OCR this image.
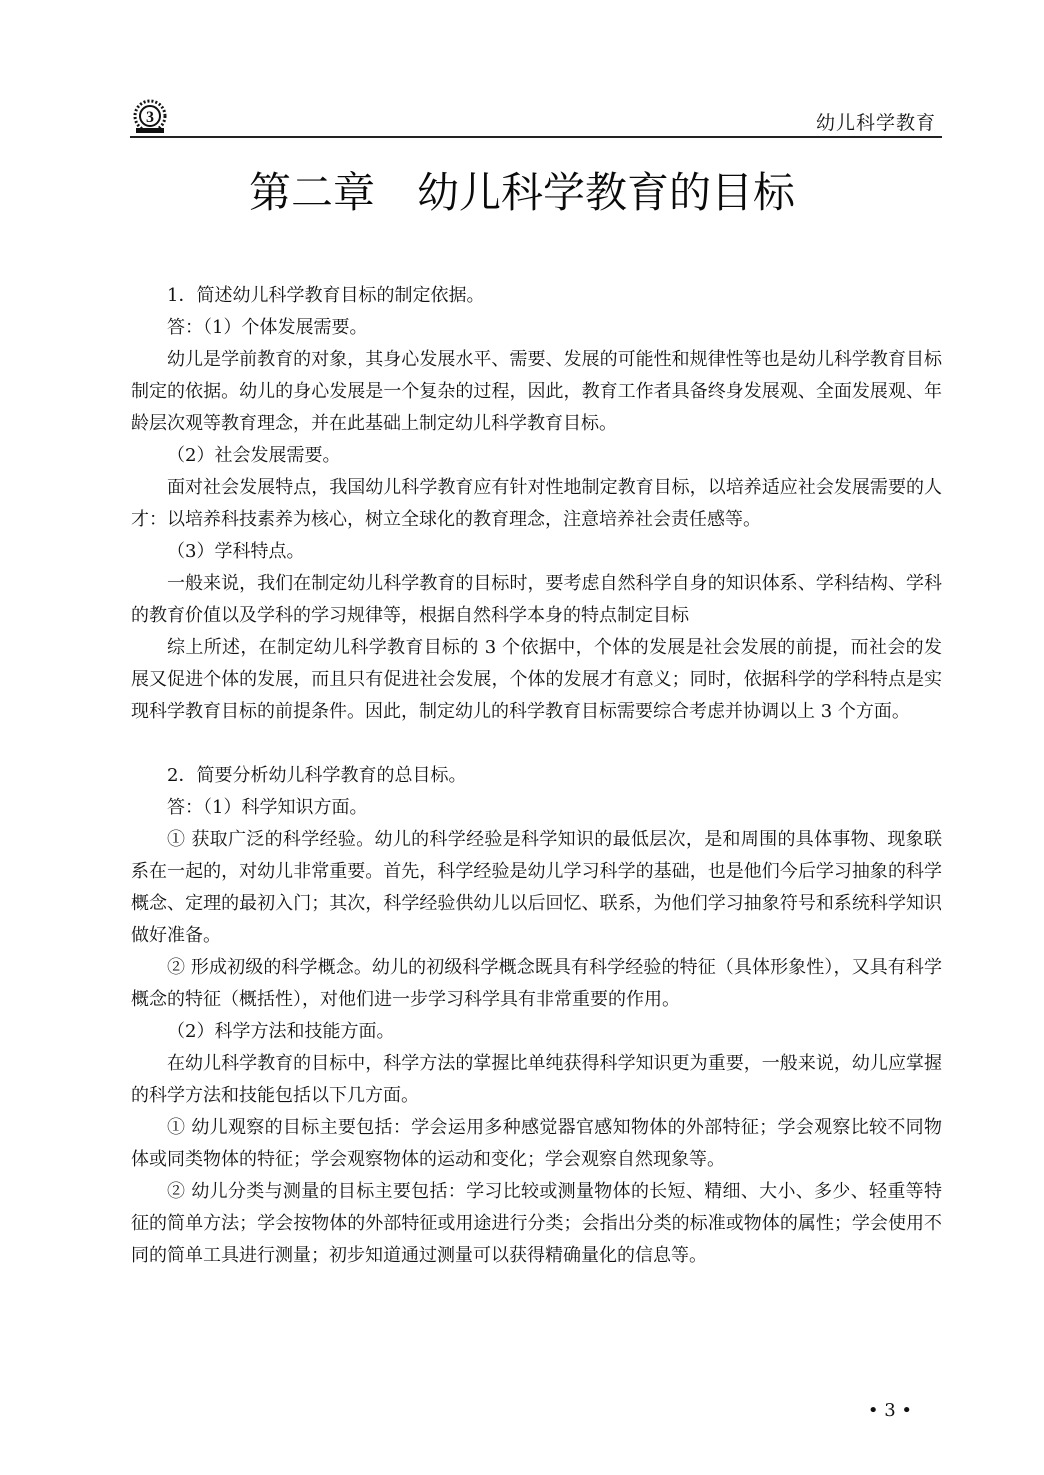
3	幼儿科学教育
第二章　幼儿科学教育的目标

1．简述幼儿科学教育目标的制定依据。

答：（1）个体发展需要。

幼儿是学前教育的对象，其身心发展水平、需要、发展的可能性和规律性等也是幼儿科学教育目标制定的依据。幼儿的身心发展是一个复杂的过程，因此，教育工作者具备终身发展观、全面发展观、年龄层次观等教育理念，并在此基础上制定幼儿科学教育目标。

（2）社会发展需要。

面对社会发展特点，我国幼儿科学教育应有针对性地制定教育目标，以培养适应社会发展需要的人才：以培养科技素养为核心，树立全球化的教育理念，注意培养社会责任感等。

（3）学科特点。

一般来说，我们在制定幼儿科学教育的目标时，要考虑自然科学自身的知识体系、学科结构、学科的教育价值以及学科的学习规律等，根据自然科学本身的特点制定目标

综上所述，在制定幼儿科学教育目标的 3 个依据中，个体的发展是社会发展的前提，而社会的发展又促进个体的发展，而且只有促进社会发展，个体的发展才有意义；同时，依据科学的学科特点是实现科学教育目标的前提条件。因此，制定幼儿的科学教育目标需要综合考虑并协调以上 3 个方面。

2．简要分析幼儿科学教育的总目标。

答：（1）科学知识方面。

① 获取广泛的科学经验。幼儿的科学经验是科学知识的最低层次，是和周围的具体事物、现象联系在一起的，对幼儿非常重要。首先，科学经验是幼儿学习科学的基础，也是他们今后学习抽象的科学概念、定理的最初入门；其次，科学经验供幼儿以后回忆、联系，为他们学习抽象符号和系统科学知识做好准备。

② 形成初级的科学概念。幼儿的初级科学概念既具有科学经验的特征（具体形象性），又具有科学概念的特征（概括性），对他们进一步学习科学具有非常重要的作用。

（2）科学方法和技能方面。

在幼儿科学教育的目标中，科学方法的掌握比单纯获得科学知识更为重要，一般来说，幼儿应掌握的科学方法和技能包括以下几方面。

① 幼儿观察的目标主要包括：学会运用多种感觉器官感知物体的外部特征；学会观察比较不同物体或同类物体的特征；学会观察物体的运动和变化；学会观察自然现象等。

② 幼儿分类与测量的目标主要包括：学习比较或测量物体的长短、精细、大小、多少、轻重等特征的简单方法；学会按物体的外部特征或用途进行分类；会指出分类的标准或物体的属性；学会使用不同的简单工具进行测量；初步知道通过测量可以获得精确量化的信息等。

• 3 •
